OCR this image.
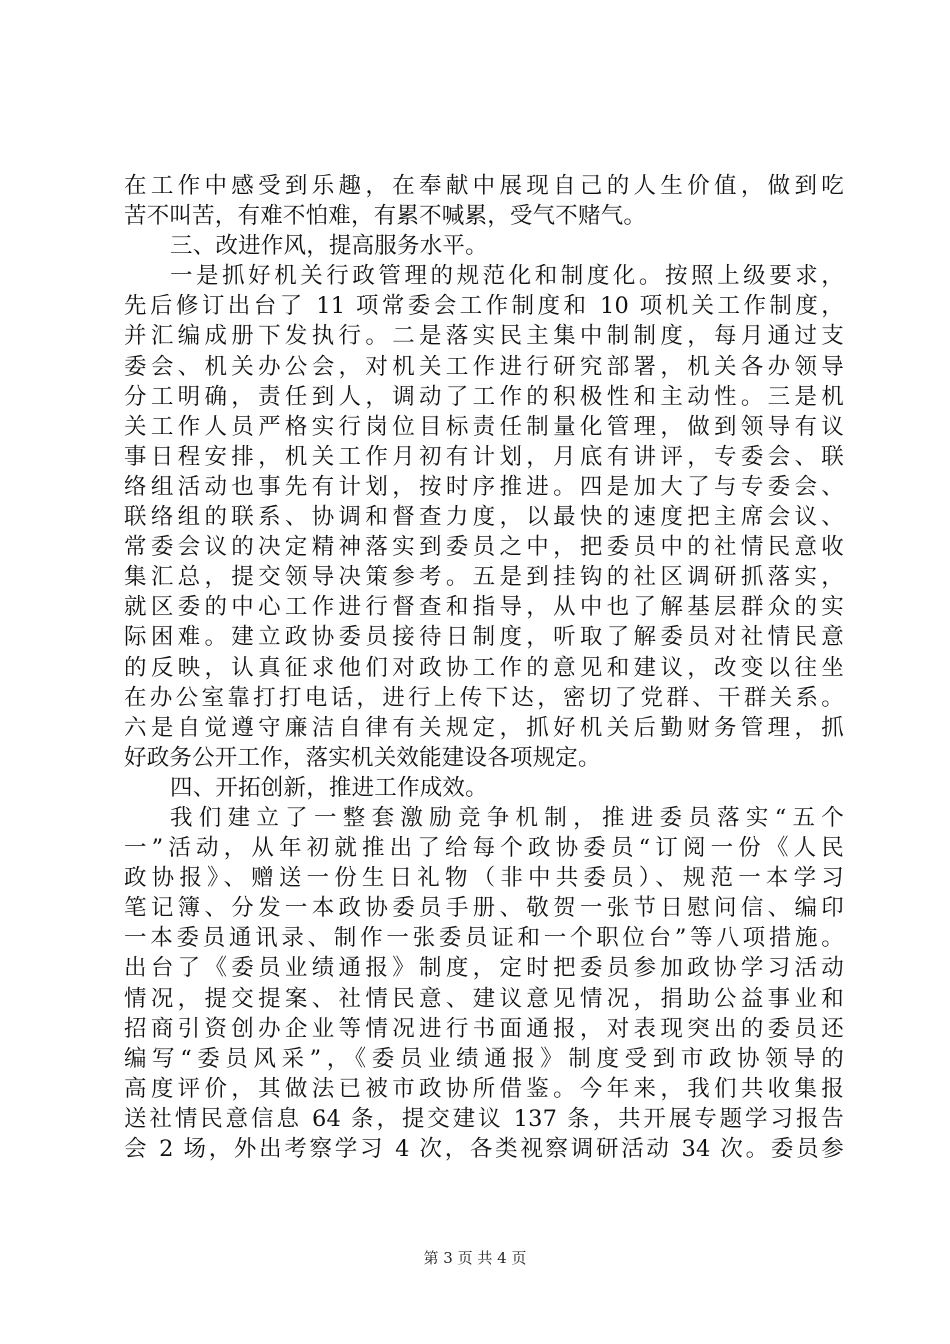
在工作中感受到乐趣，在奉献中展现自己的人生价值，做到吃
苦不叫苦，有难不怕难，有累不喊累，受气不赌气。
三、改进作风，提高服务水平。
一是抓好机关行政管理的规范化和制度化。按照上级要求，
先后修订出台了 11 项常委会工作制度和 10 项机关工作制度，
并汇编成册下发执行。二是落实民主集中制制度，每月通过支
委会、机关办公会，对机关工作进行研究部署，机关各办领导
分工明确，责任到人，调动了工作的积极性和主动性。三是机
关工作人员严格实行岗位目标责任制量化管理，做到领导有议
事日程安排，机关工作月初有计划，月底有讲评，专委会、联
络组活动也事先有计划，按时序推进。四是加大了与专委会、
联络组的联系、协调和督查力度，以最快的速度把主席会议、
常委会议的决定精神落实到委员之中，把委员中的社情民意收
集汇总，提交领导决策参考。五是到挂钩的社区调研抓落实，
就区委的中心工作进行督查和指导，从中也了解基层群众的实
际困难。建立政协委员接待日制度，听取了解委员对社情民意
的反映，认真征求他们对政协工作的意见和建议，改变以往坐
在办公室靠打打电话，进行上传下达，密切了党群、干群关系。
六是自觉遵守廉洁自律有关规定，抓好机关后勤财务管理，抓
好政务公开工作，落实机关效能建设各项规定。
四、开拓创新，推进工作成效。
我们建立了一整套激励竞争机制，推进委员落实“五个
一”活动，从年初就推出了给每个政协委员“订阅一份《人民
政协报》、赠送一份生日礼物（非中共委员）、规范一本学习
笔记簿、分发一本政协委员手册、敬贺一张节日慰问信、编印
一本委员通讯录、制作一张委员证和一个职位台”等八项措施。
出台了《委员业绩通报》制度，定时把委员参加政协学习活动
情况，提交提案、社情民意、建议意见情况，捐助公益事业和
招商引资创办企业等情况进行书面通报，对表现突出的委员还
编写“委员风采”，《委员业绩通报》制度受到市政协领导的
高度评价，其做法已被市政协所借鉴。今年来，我们共收集报
送社情民意信息 64 条，提交建议 137 条，共开展专题学习报告
会 2 场，外出考察学习 4 次，各类视察调研活动 34 次。委员参
第 3 页 共 4 页
